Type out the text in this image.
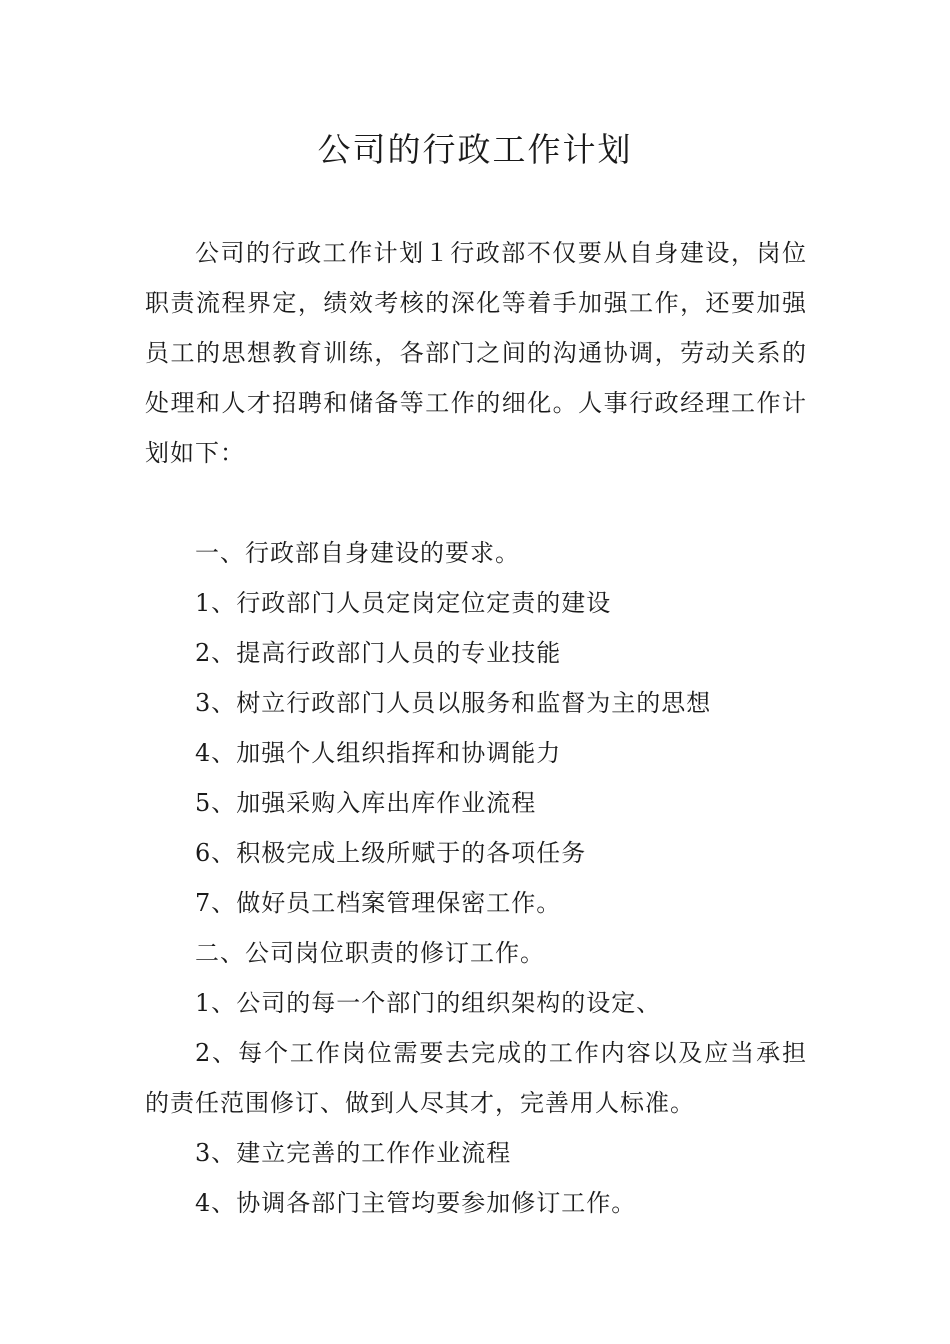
公司的行政工作计划

公司的行政工作计划１行政部不仅要从自身建设，岗位职责流程界定，绩效考核的深化等着手加强工作，还要加强员工的思想教育训练，各部门之间的沟通协调，劳动关系的处理和人才招聘和储备等工作的细化。人事行政经理工作计划如下：

一、行政部自身建设的要求。
1、行政部门人员定岗定位定责的建设
2、提高行政部门人员的专业技能
3、树立行政部门人员以服务和监督为主的思想
4、加强个人组织指挥和协调能力
5、加强采购入库出库作业流程
6、积极完成上级所赋于的各项任务
7、做好员工档案管理保密工作。
二、公司岗位职责的修订工作。
1、公司的每一个部门的组织架构的设定、
2、每个工作岗位需要去完成的工作内容以及应当承担的责任范围修订、做到人尽其才，完善用人标准。
3、建立完善的工作作业流程
4、协调各部门主管均要参加修订工作。
